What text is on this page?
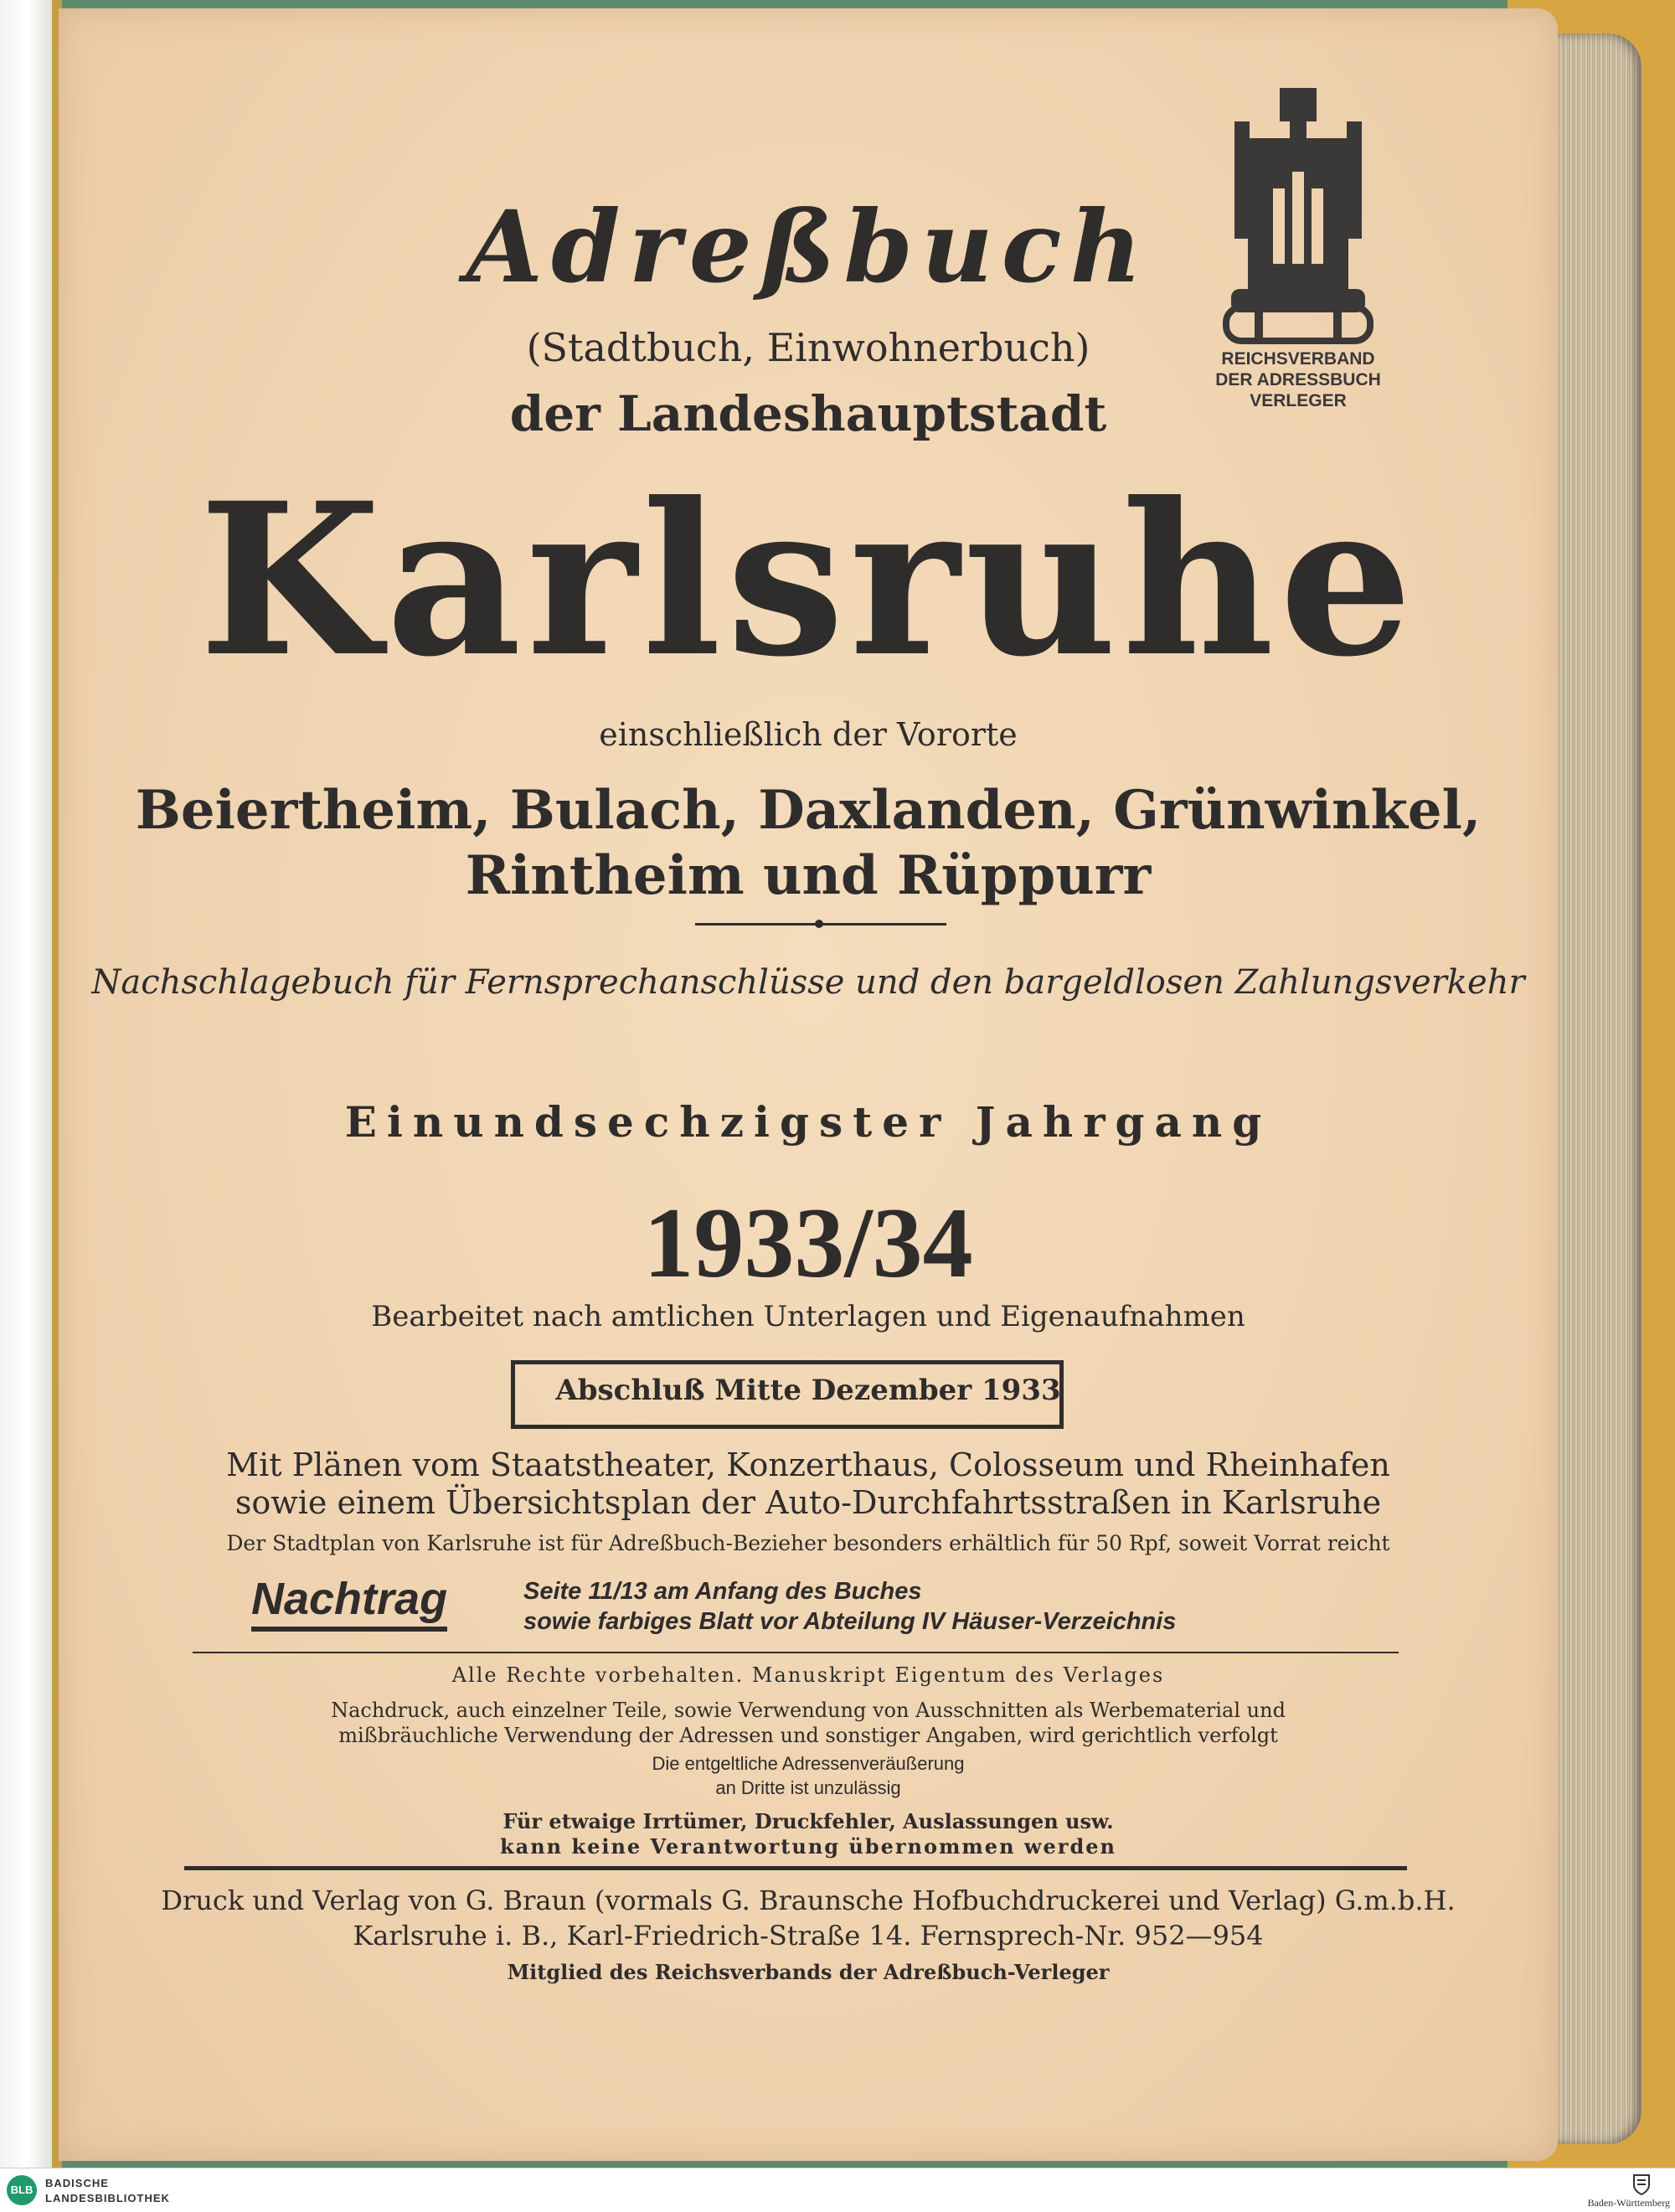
Adreßbuch
(Stadtbuch, Einwohnerbuch)
der Landeshauptstadt
Karlsruhe
einschließlich der Vororte
Beiertheim, Bulach, Daxlanden, Grünwinkel,
Rintheim und Rüppurr
Nachschlagebuch für Fernsprechanschlüsse und den bargeldlosen Zahlungsverkehr
Einundsechzigster Jahrgang
1933/34
Bearbeitet nach amtlichen Unterlagen und Eigenaufnahmen
Abschluß Mitte Dezember 1933
Mit Plänen vom Staatstheater, Konzerthaus, Colosseum und Rheinhafen
sowie einem Übersichtsplan der Auto-Durchfahrtsstraßen in Karlsruhe
Der Stadtplan von Karlsruhe ist für Adreßbuch-Bezieher besonders erhältlich für 50 Rpf, soweit Vorrat reicht
Nachtrag	Seite 11/13 am Anfang des Buches
sowie farbiges Blatt vor Abteilung IV Häuser-Verzeichnis
Alle Rechte vorbehalten. Manuskript Eigentum des Verlages
Nachdruck, auch einzelner Teile, sowie Verwendung von Ausschnitten als Werbematerial und
mißbräuchliche Verwendung der Adressen und sonstiger Angaben, wird gerichtlich verfolgt
Die entgeltliche Adressenveräußerung
an Dritte ist unzulässig
Für etwaige Irrtümer, Druckfehler, Auslassungen usw.
kann keine Verantwortung übernommen werden
Druck und Verlag von G. Braun (vormals G. Braunsche Hofbuchdruckerei und Verlag) G.m.b.H.
Karlsruhe i. B., Karl-Friedrich-Straße 14. Fernsprech-Nr. 952—954
Mitglied des Reichsverbands der Adreßbuch-Verleger
REICHSVERBAND
DER ADRESSBUCH
VERLEGER
BLB
BADISCHE
LANDESBIBLIOTHEK	Baden-Württemberg
